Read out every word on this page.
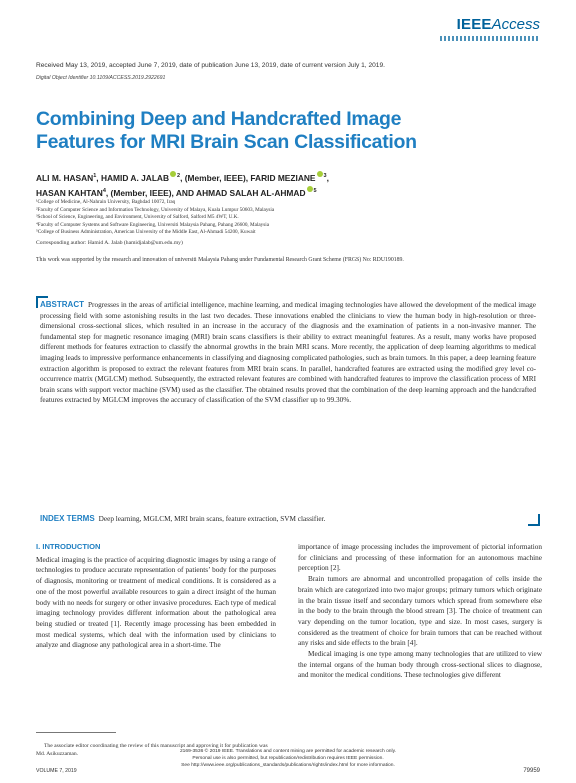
IEEEAccess
Received May 13, 2019, accepted June 7, 2019, date of publication June 13, 2019, date of current version July 1, 2019.
Digital Object Identifier 10.1109/ACCESS.2019.2922691
Combining Deep and Handcrafted Image Features for MRI Brain Scan Classification
ALI M. HASAN$^1$, HAMID A. JALAB $^2$, (Member, IEEE), FARID MEZIANE $^3$,
HASAN KAHTAN$^4$, (Member, IEEE), AND AHMAD SALAH AL-AHMAD $^5$
¹College of Medicine, Al-Nahrain University, Baghdad 10072, Iraq
²Faculty of Computer Science and Information Technology, University of Malaya, Kuala Lumpur 50603, Malaysia
³School of Science, Engineering, and Environment, University of Salford, Salford M5 4WT, U.K.
⁴Faculty of Computer Systems and Software Engineering, Universiti Malaysia Pahang, Pahang 26600, Malaysia
⁵College of Business Administration, American University of the Middle East, Al-Ahmadi 54200, Kuwait
Corresponding author: Hamid A. Jalab (hamidjalab@um.edu.my)
This work was supported by the research and innovation of universiti Malaysia Pahang under Fundamental Research Grant Scheme (FRGS) No: RDU190189.
ABSTRACT Progresses in the areas of artificial intelligence, machine learning, and medical imaging technologies have allowed the development of the medical image processing field with some astonishing results in the last two decades. These innovations enabled the clinicians to view the human body in high-resolution or three-dimensional cross-sectional slices, which resulted in an increase in the accuracy of the diagnosis and the examination of patients in a non-invasive manner. The fundamental step for magnetic resonance imaging (MRI) brain scans classifiers is their ability to extract meaningful features. As a result, many works have proposed different methods for features extraction to classify the abnormal growths in the brain MRI scans. More recently, the application of deep learning algorithms to medical imaging leads to impressive performance enhancements in classifying and diagnosing complicated pathologies, such as brain tumors. In this paper, a deep learning feature extraction algorithm is proposed to extract the relevant features from MRI brain scans. In parallel, handcrafted features are extracted using the modified grey level co-occurrence matrix (MGLCM) method. Subsequently, the extracted relevant features are combined with handcrafted features to improve the classification process of MRI brain scans with support vector machine (SVM) used as the classifier. The obtained results proved that the combination of the deep learning approach and the handcrafted features extracted by MGLCM improves the accuracy of classification of the SVM classifier up to 99.30%.
INDEX TERMS Deep learning, MGLCM, MRI brain scans, feature extraction, SVM classifier.
I. INTRODUCTION

Medical imaging is the practice of acquiring diagnostic images by using a range of technologies to produce accurate representation of patients’ body for the purposes of diagnosis, monitoring or treatment of medical conditions. It is considered as a one of the most powerful available resources to gain a direct insight of the human body with no needs for surgery or other invasive procedures. Each type of medical imaging technology provides different information about the pathological area being studied or treated [1]. Recently image processing has been embedded in most medical systems, which deal with the information used by clinicians to analyze and diagnose any pathological area in a short-time. The

importance of image processing includes the improvement of pictorial information for clinicians and processing of these information for an autonomous machine perception [2].

Brain tumors are abnormal and uncontrolled propagation of cells inside the brain which are categorized into two major groups; primary tumors which originate in the brain tissue itself and secondary tumors which spread from somewhere else in the body to the brain through the blood stream [3]. The choice of treatment can vary depending on the tumor location, type and size. In most cases, surgery is considered as the treatment of choice for brain tumors that can be reached without any risks and side effects to the brain [4].

Medical imaging is one type among many technologies that are utilized to view the internal organs of the human body through cross-sectional slices to diagnose, and monitor the medical conditions. These technologies give different

The associate editor coordinating the review of this manuscript and approving it for publication was Md. Asikuzzaman.
VOLUME 7, 2019
2169-3536 © 2019 IEEE. Translations and content mining are permitted for academic research only.
Personal use is also permitted, but republication/redistribution requires IEEE permission.
See http://www.ieee.org/publications_standards/publications/rights/index.html for more information.
79959
